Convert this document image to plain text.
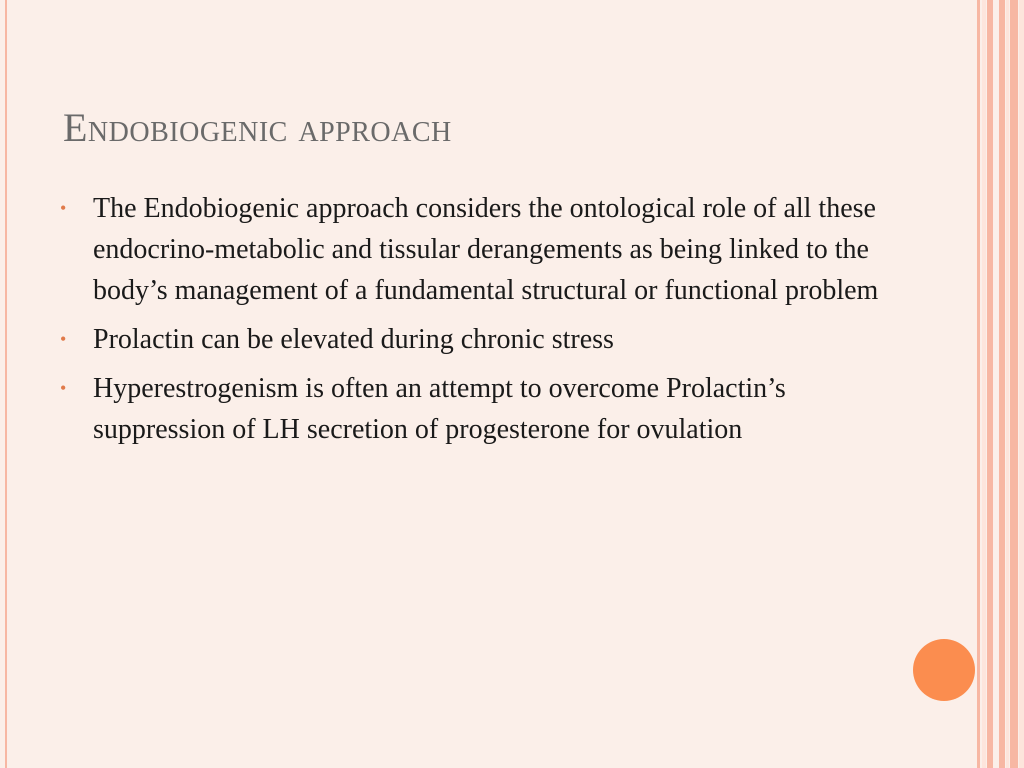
Endobiogenic approach
• The Endobiogenic approach considers the ontological role of all these endocrino-metabolic and tissular derangements as being linked to the body’s management of a fundamental structural or functional problem
• Prolactin can be elevated during chronic stress
• Hyperestrogenism is often an attempt to overcome Prolactin’s suppression of LH secretion of progesterone for ovulation
